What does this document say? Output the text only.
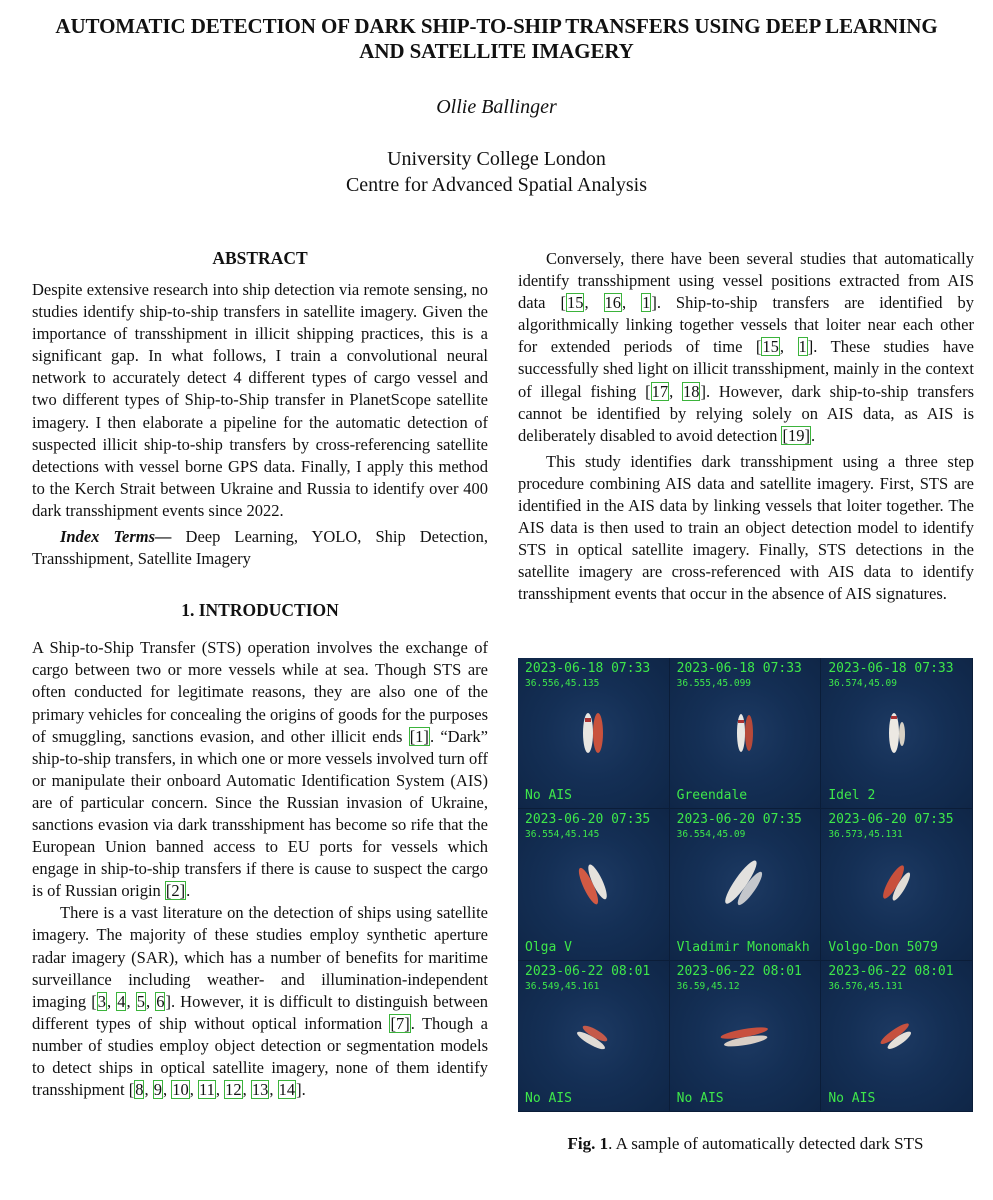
AUTOMATIC DETECTION OF DARK SHIP-TO-SHIP TRANSFERS USING DEEP LEARNING AND SATELLITE IMAGERY
Ollie Ballinger
University College London
Centre for Advanced Spatial Analysis
ABSTRACT

Despite extensive research into ship detection via remote sensing, no studies identify ship-to-ship transfers in satellite imagery. Given the importance of transshipment in illicit shipping practices, this is a significant gap. In what follows, I train a convolutional neural network to accurately detect 4 different types of cargo vessel and two different types of Ship-to-Ship transfer in PlanetScope satellite imagery. I then elaborate a pipeline for the automatic detection of suspected illicit ship-to-ship transfers by cross-referencing satellite detections with vessel borne GPS data. Finally, I apply this method to the Kerch Strait between Ukraine and Russia to identify over 400 dark transshipment events since 2022.

Index Terms— Deep Learning, YOLO, Ship Detection, Transshipment, Satellite Imagery

1. INTRODUCTION

A Ship-to-Ship Transfer (STS) operation involves the exchange of cargo between two or more vessels while at sea. Though STS are often conducted for legitimate reasons, they are also one of the primary vehicles for concealing the origins of goods for the purposes of smuggling, sanctions evasion, and other illicit ends [1]. “Dark” ship-to-ship transfers, in which one or more vessels involved turn off or manipulate their onboard Automatic Identification System (AIS) are of particular concern. Since the Russian invasion of Ukraine, sanctions evasion via dark transshipment has become so rife that the European Union banned access to EU ports for vessels which engage in ship-to-ship transfers if there is cause to suspect the cargo is of Russian origin [2].

There is a vast literature on the detection of ships using satellite imagery. The majority of these studies employ synthetic aperture radar imagery (SAR), which has a number of benefits for maritime surveillance including weather- and illumination-independent imaging [3, 4, 5, 6]. However, it is difficult to distinguish between different types of ship without optical information [7]. Though a number of studies employ object detection or segmentation models to detect ships in optical satellite imagery, none of them identify transshipment [8, 9, 10, 11, 12, 13, 14].

Conversely, there have been several studies that automatically identify transshipment using vessel positions extracted from AIS data [15, 16, 1]. Ship-to-ship transfers are identified by algorithmically linking together vessels that loiter near each other for extended periods of time [15, 1]. These studies have successfully shed light on illicit transshipment, mainly in the context of illegal fishing [17, 18]. However, dark ship-to-ship transfers cannot be identified by relying solely on AIS data, as AIS is deliberately disabled to avoid detection [19].

This study identifies dark transshipment using a three step procedure combining AIS data and satellite imagery. First, STS are identified in the AIS data by linking vessels that loiter together. The AIS data is then used to train an object detection model to identify STS in optical satellite imagery. Finally, STS detections in the satellite imagery are cross-referenced with AIS data to identify transshipment events that occur in the absence of AIS signatures.

2023-06-18 07:33
36.556,45.135
No AIS
2023-06-18 07:33
36.555,45.099
Greendale
2023-06-18 07:33
36.574,45.09
Idel 2
2023-06-20 07:35
36.554,45.145
Olga V
2023-06-20 07:35
36.554,45.09
Vladimir Monomakh
2023-06-20 07:35
36.573,45.131
Volgo-Don 5079
2023-06-22 08:01
36.549,45.161
No AIS
2023-06-22 08:01
36.59,45.12
No AIS
2023-06-22 08:01
36.576,45.131
No AIS
Fig. 1. A sample of automatically detected dark STS
